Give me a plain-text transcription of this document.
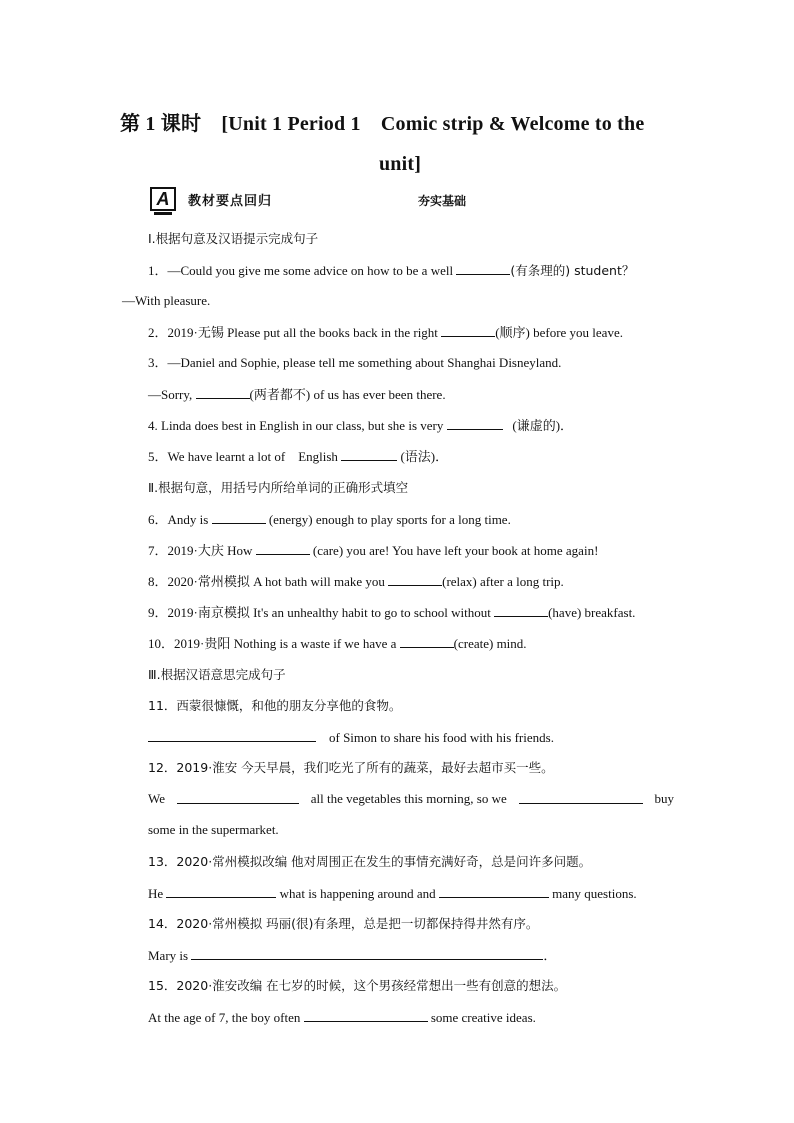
第 1 课时　[Unit 1 Period 1　Comic strip & Welcome to the
unit]
A	教材要点回归	夯实基础
Ⅰ.根据句意及汉语提示完成句子
1．—Could you give me some advice on how to be a well	(有条理的) student？
—With pleasure.
2．2019·无锡 Please put all the books back in the right	(顺序) before you leave.
3．—Daniel and Sophie, please tell me something about Shanghai Disneyland.
—Sorry,	(两者都不) of us has ever been there.
4. Linda does best in English in our class, but she is very	(谦虚的)．
5．We have learnt a lot of　English	(语法)．
Ⅱ.根据句意，用括号内所给单词的正确形式填空
6．Andy is	(energy) enough to play sports for a long time.
7．2019·大庆 How	(care) you are! You have left your book at home again!
8．2020·常州模拟 A hot bath will make you	(relax) after a long trip.
9．2019·南京模拟 It's an unhealthy habit to go to school without	(have) breakfast.
10．2019·贵阳 Nothing is a waste if we have a	(create) mind.
Ⅲ.根据汉语意思完成句子
11．西蒙很慷慨，和他的朋友分享他的食物。
of Simon to share his food with his friends.
12．2019·淮安 今天早晨，我们吃光了所有的蔬菜，最好去超市买一些。
We	all the vegetables this morning, so we	buy
some in the supermarket.
13．2020·常州模拟改编 他对周围正在发生的事情充满好奇，总是问许多问题。
He	what is happening around and	many questions.
14．2020·常州模拟 玛丽(很)有条理，总是把一切都保持得井然有序。
Mary is	．
15．2020·淮安改编 在七岁的时候，这个男孩经常想出一些有创意的想法。
At the age of 7, the boy often	some creative ideas.
